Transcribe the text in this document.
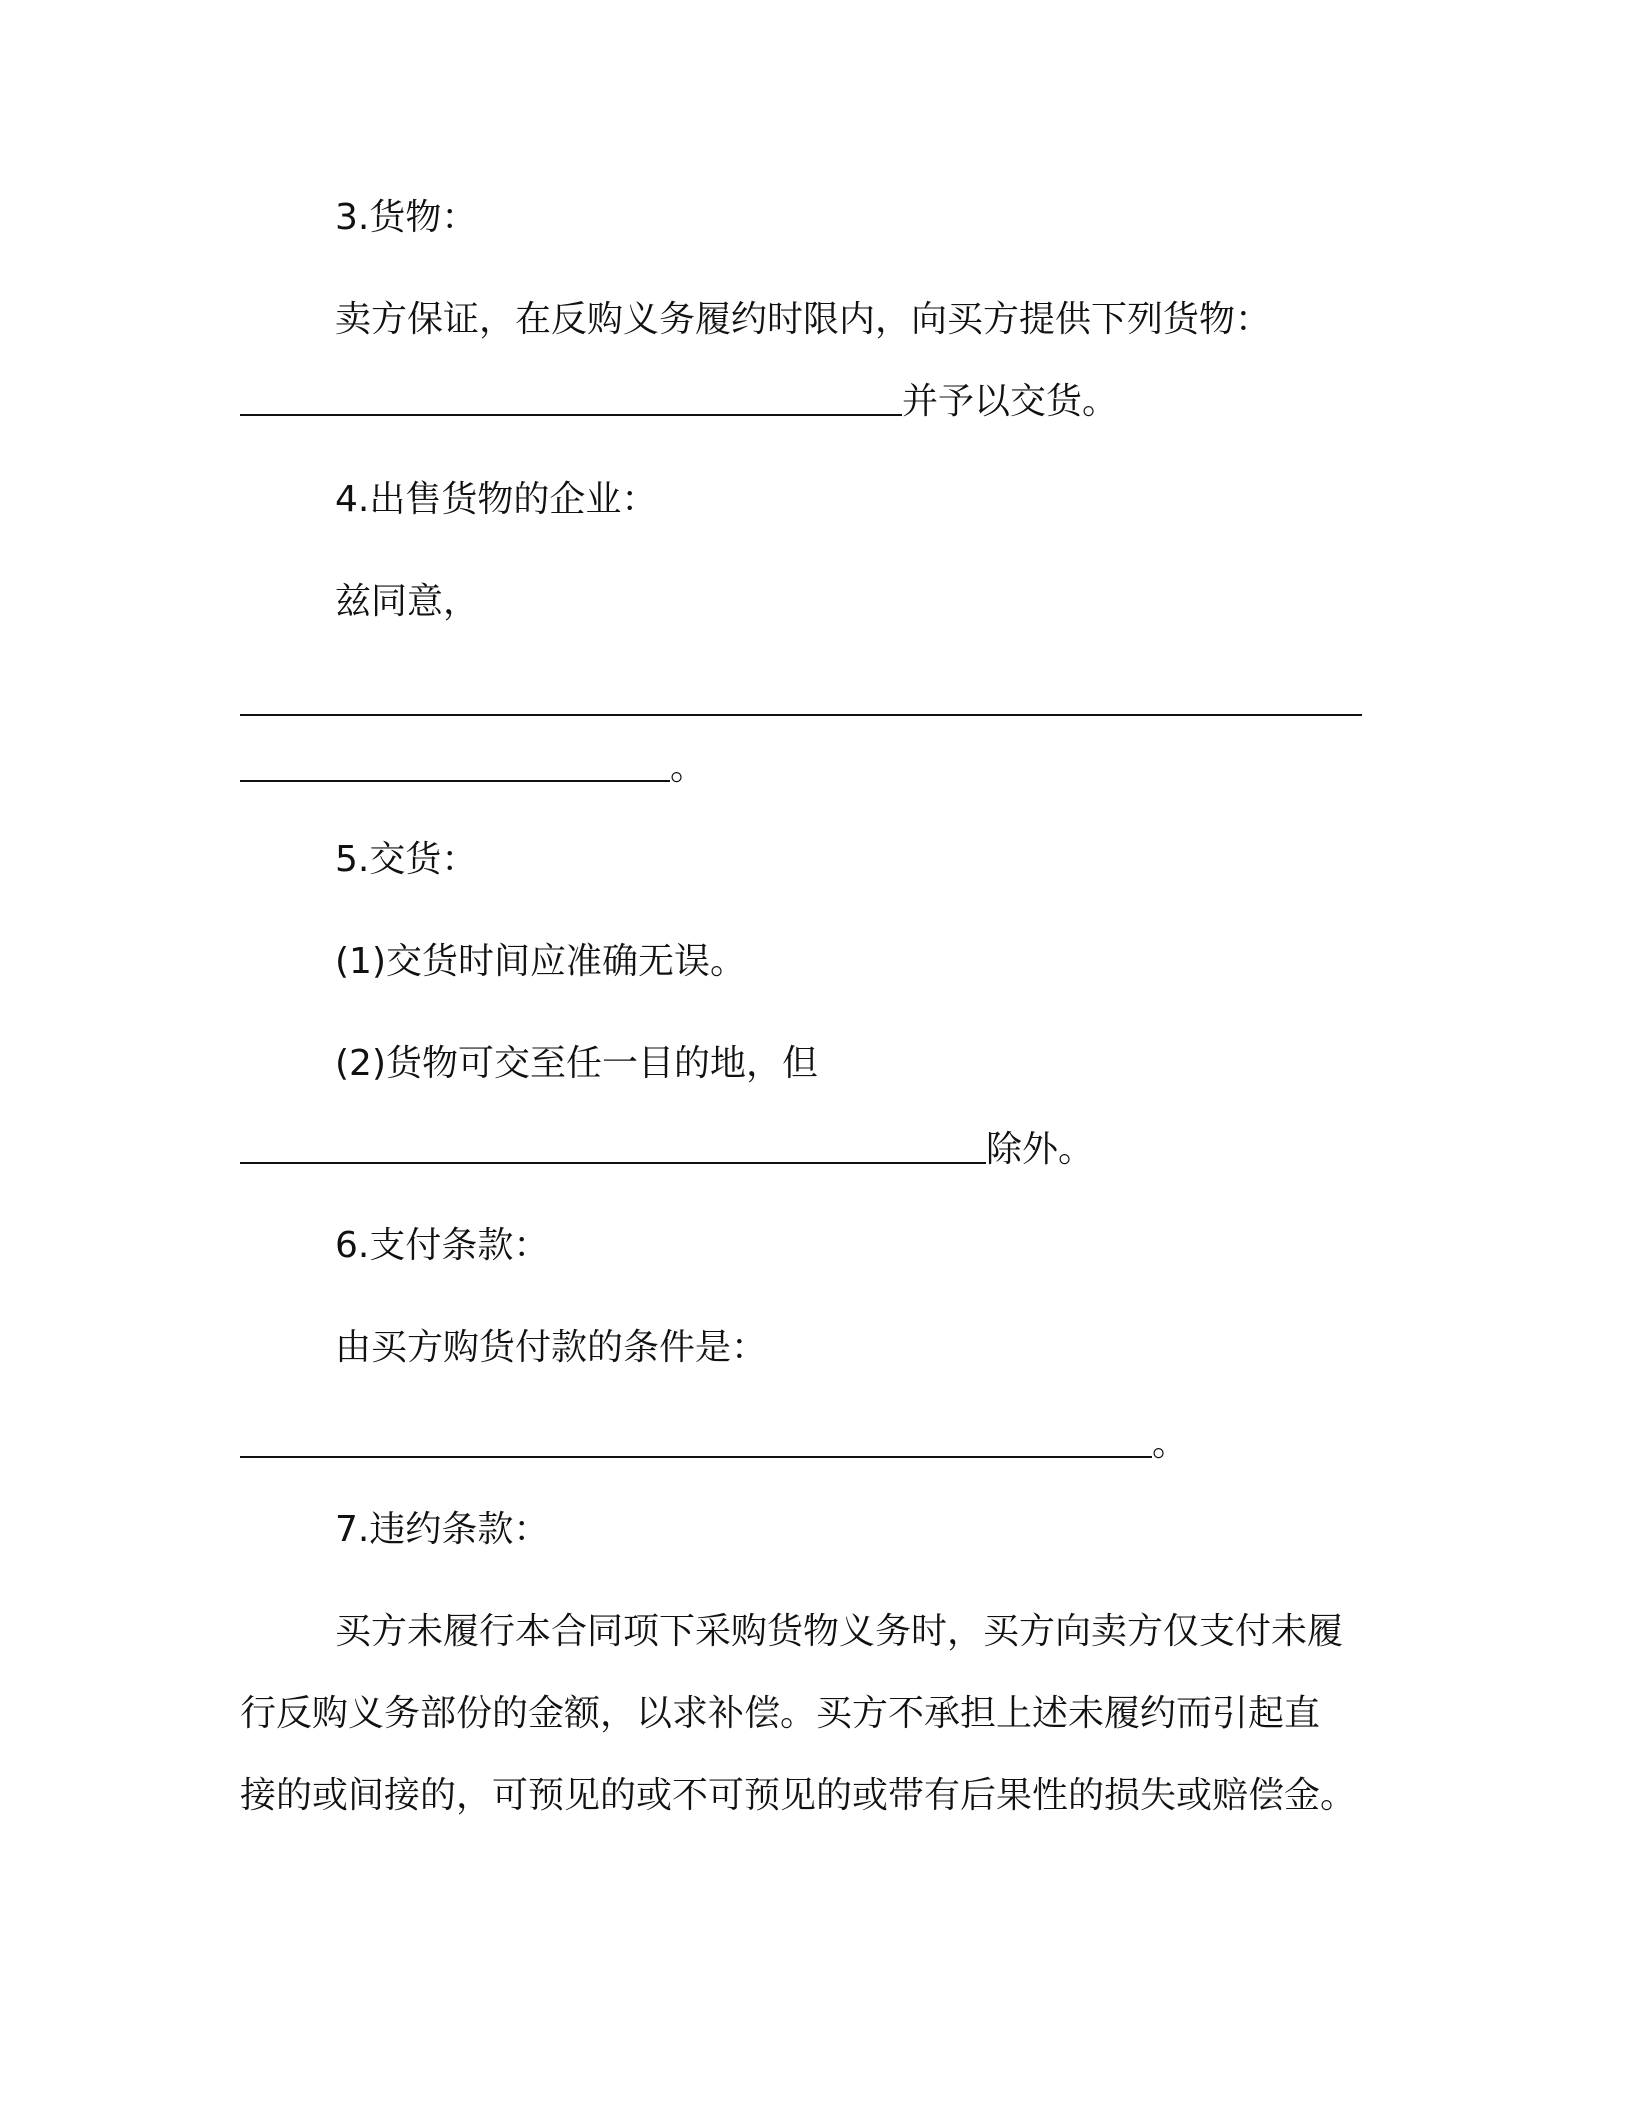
3.货物：
卖方保证，在反购义务履约时限内，向买方提供下列货物：
并予以交货。
4.出售货物的企业：
兹同意，
。
5.交货：
(1)交货时间应准确无误。
(2)货物可交至任一目的地，但
除外。
6.支付条款：
由买方购货付款的条件是：
。
7.违约条款：
买方未履行本合同项下采购货物义务时，买方向卖方仅支付未履
行反购义务部份的金额，以求补偿。买方不承担上述未履约而引起直
接的或间接的，可预见的或不可预见的或带有后果性的损失或赔偿金。
